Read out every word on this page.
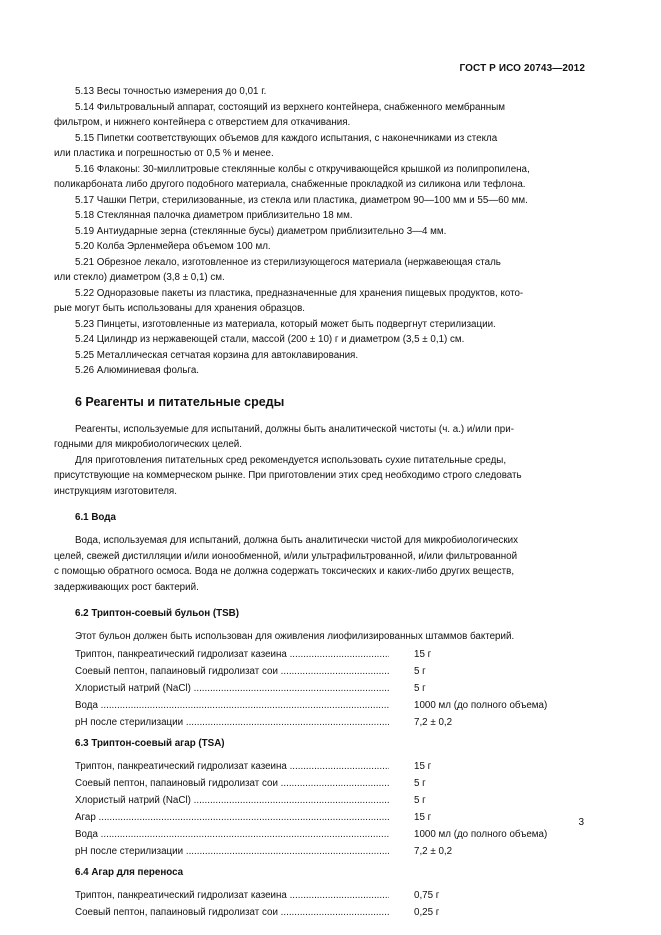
ГОСТ Р ИСО 20743—2012

5.13 Весы точностью измерения до 0,01 г.

5.14 Фильтровальный аппарат, состоящий из верхнего контейнера, снабженного мембранным

фильтром, и нижнего контейнера с отверстием для откачивания.

5.15 Пипетки соответствующих объемов для каждого испытания, с наконечниками из стекла

или пластика и погрешностью от 0,5 % и менее.

5.16 Флаконы: 30-миллитровые стеклянные колбы с откручивающейся крышкой из полипропилена,

поликарбоната либо другого подобного материала, снабженные прокладкой из силикона или тефлона.

5.17 Чашки Петри, стерилизованные, из стекла или пластика, диаметром 90—100 мм и 55—60 мм.

5.18 Стеклянная палочка диаметром приблизительно 18 мм.

5.19 Антиударные зерна (стеклянные бусы) диаметром приблизительно 3—4 мм.

5.20 Колба Эрленмейера объемом 100 мл.

5.21 Обрезное лекало, изготовленное из стерилизующегося материала (нержавеющая сталь

или стекло) диаметром (3,8 ± 0,1) см.

5.22 Одноразовые пакеты из пластика, предназначенные для хранения пищевых продуктов, кото-

рые могут быть использованы для хранения образцов.

5.23 Пинцеты, изготовленные из материала, который может быть подвергнут стерилизации.

5.24 Цилиндр из нержавеющей стали, массой (200 ± 10) г и диаметром (3,5 ± 0,1) см.

5.25 Металлическая сетчатая корзина для автоклавирования.

5.26 Алюминиевая фольга.

6 Реагенты и питательные среды

Реагенты, используемые для испытаний, должны быть аналитической чистоты (ч. а.) и/или при-

годными для микробиологических целей.

Для приготовления питательных сред рекомендуется использовать сухие питательные среды,

присутствующие на коммерческом рынке. При приготовлении этих сред необходимо строго следовать

инструкциям изготовителя.

6.1 Вода

Вода, используемая для испытаний, должна быть аналитически чистой для микробиологических

целей, свежей дистилляции и/или ионообменной, и/или ультрафильтрованной, и/или фильтрованной

с помощью обратного осмоса. Вода не должна содержать токсических и каких-либо других веществ,

задерживающих рост бактерий.

6.2 Триптон-соевый бульон (TSB)

Этот бульон должен быть использован для оживления лиофилизированных штаммов бактерий.

Триптон, панкреатический гидролизат казеина .....	15 г
Соевый пептон, папаиновый гидролизат сои .....	5 г
Хлористый натрий (NaCl) .....	5 г
Вода .....	1000 мл (до полного объема)
pH после стерилизации .....	7,2 ± 0,2
6.3 Триптон-соевый агар (TSA)
Триптон, панкреатический гидролизат казеина .....	15 г
Соевый пептон, папаиновый гидролизат сои .....	5 г
Хлористый натрий (NaCl) .....	5 г
Агар .....	15 г
Вода .....	1000 мл (до полного объема)
pH после стерилизации .....	7,2 ± 0,2
6.4 Агар для переноса
Триптон, панкреатический гидролизат казеина .....	0,75 г
Соевый пептон, папаиновый гидролизат сои .....	0,25 г
3
